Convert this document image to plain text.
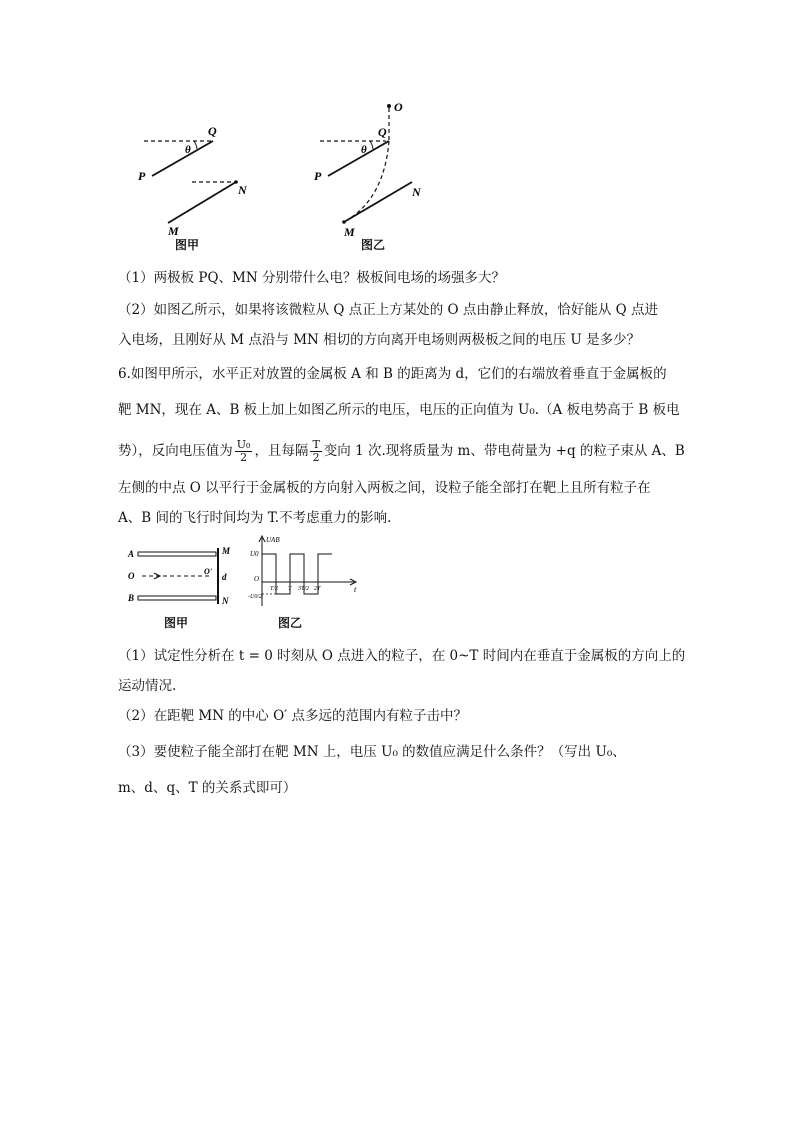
Q
θ
P
N
M
图甲
O
Q
θ
P
N
M
图乙
（1）两极板 PQ、MN 分别带什么电？极板间电场的场强多大？
（2）如图乙所示，如果将该微粒从 Q 点正上方某处的 O 点由静止释放，恰好能从 Q 点进
入电场，且刚好从 M 点沿与 MN 相切的方向离开电场则两极板之间的电压 U 是多少？
6.如图甲所示，水平正对放置的金属板 A 和 B 的距离为 d，它们的右端放着垂直于金属板的
靶 MN，现在 A、B 板上加上如图乙所示的电压，电压的正向值为 U₀.（A 板电势高于 B 板电
势），反向电压值为 $\frac{\text{U₀}}{2}$ ，且每隔 $\frac{T}{2}$ 变向 1 次.现将质量为 m、带电荷量为 +q 的粒子束从 A、B
左侧的中点 O 以平行于金属板的方向射入两板之间，设粒子能全部打在靶上且所有粒子在
A、B 间的飞行时间均为 T.不考虑重力的影响.
A	M
O	O'
d
B	N
图甲
UAB
U0
O
T/2 T 3T/2 2T	t
-U0/2
图乙
（1）试定性分析在 t = 0 时刻从 O 点进入的粒子，在 0~T 时间内在垂直于金属板的方向上的
运动情况.
（2）在距靶 MN 的中心 O′ 点多远的范围内有粒子击中？
（3）要使粒子能全部打在靶 MN 上，电压 U₀ 的数值应满足什么条件？（写出 U₀、
m、d、q、T 的关系式即可）
